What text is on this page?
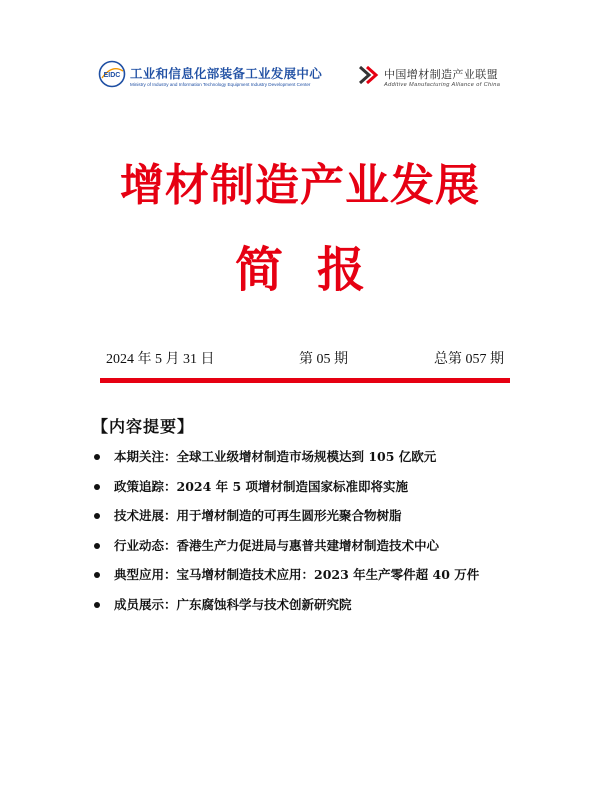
EIDC 工业和信息化部装备工业发展中心
Ministry of Industry and Information Technology Equipment Industry Development Center
中国增材制造产业联盟
Additive Manufacturing Alliance of China
增材制造产业发展
简报
2024 年 5 月 31 日	第 05 期	总第 057 期
【内容提要】
本期关注：全球工业级增材制造市场规模达到 105 亿欧元
政策追踪：2024 年 5 项增材制造国家标准即将实施
技术进展：用于增材制造的可再生圆形光聚合物树脂
行业动态：香港生产力促进局与惠普共建增材制造技术中心
典型应用：宝马增材制造技术应用：2023 年生产零件超 40 万件
成员展示：广东腐蚀科学与技术创新研究院
